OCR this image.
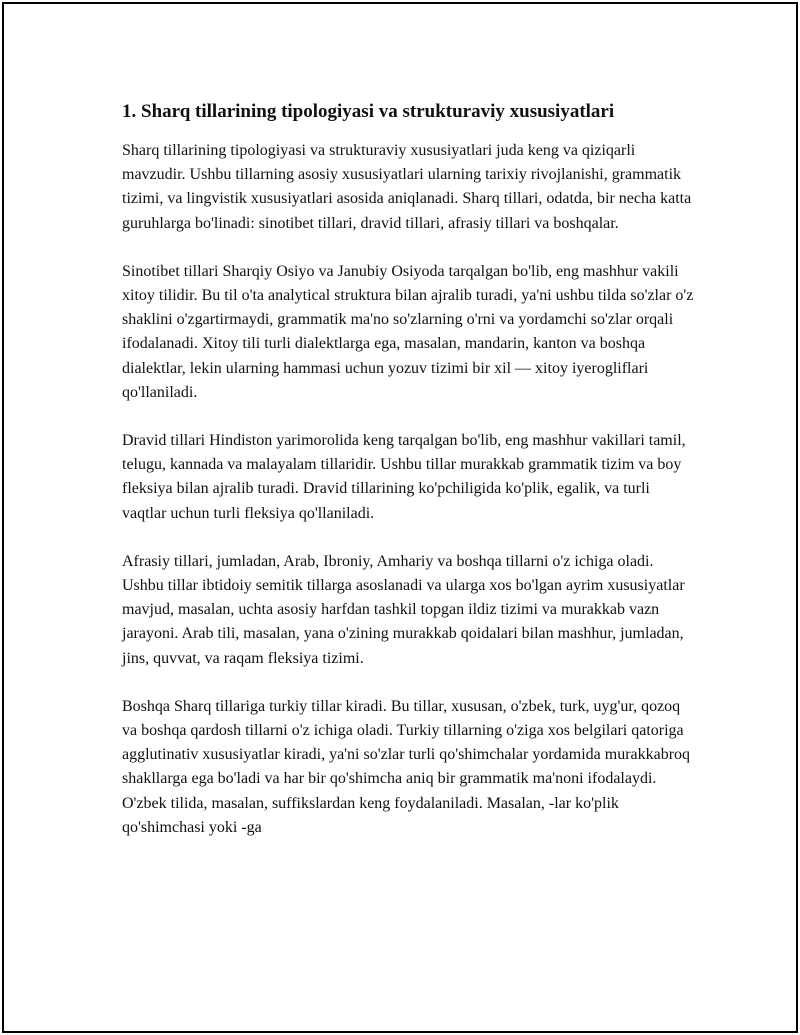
1. Sharq tillarining tipologiyasi va strukturaviy xususiyatlari

Sharq tillarining tipologiyasi va strukturaviy xususiyatlari juda keng va qiziqarli mavzudir. Ushbu tillarning asosiy xususiyatlari ularning tarixiy rivojlanishi, grammatik tizimi, va lingvistik xususiyatlari asosida aniqlanadi. Sharq tillari, odatda, bir necha katta guruhlarga bo'linadi: sinotibet tillari, dravid tillari, afrasiy tillari va boshqalar.

Sinotibet tillari Sharqiy Osiyo va Janubiy Osiyoda tarqalgan bo'lib, eng mashhur vakili xitoy tilidir. Bu til o'ta analytical struktura bilan ajralib turadi, ya'ni ushbu tilda so'zlar o'z shaklini o'zgartirmaydi, grammatik ma'no so'zlarning o'rni va yordamchi so'zlar orqali ifodalanadi. Xitoy tili turli dialektlarga ega, masalan, mandarin, kanton va boshqa dialektlar, lekin ularning hammasi uchun yozuv tizimi bir xil — xitoy iyerogliflari qo'llaniladi.

Dravid tillari Hindiston yarimorolida keng tarqalgan bo'lib, eng mashhur vakillari tamil, telugu, kannada va malayalam tillaridir. Ushbu tillar murakkab grammatik tizim va boy fleksiya bilan ajralib turadi. Dravid tillarining ko'pchiligida ko'plik, egalik, va turli vaqtlar uchun turli fleksiya qo'llaniladi.

Afrasiy tillari, jumladan, Arab, Ibroniy, Amhariy va boshqa tillarni o'z ichiga oladi. Ushbu tillar ibtidoiy semitik tillarga asoslanadi va ularga xos bo'lgan ayrim xususiyatlar mavjud, masalan, uchta asosiy harfdan tashkil topgan ildiz tizimi va murakkab vazn jarayoni. Arab tili, masalan, yana o'zining murakkab qoidalari bilan mashhur, jumladan, jins, quvvat, va raqam fleksiya tizimi.

Boshqa Sharq tillariga turkiy tillar kiradi. Bu tillar, xususan, o'zbek, turk, uyg'ur, qozoq va boshqa qardosh tillarni o'z ichiga oladi. Turkiy tillarning o'ziga xos belgilari qatoriga agglutinativ xususiyatlar kiradi, ya'ni so'zlar turli qo'shimchalar yordamida murakkabroq shakllarga ega bo'ladi va har bir qo'shimcha aniq bir grammatik ma'noni ifodalaydi. O'zbek tilida, masalan, suffikslardan keng foydalaniladi. Masalan, -lar ko'plik qo'shimchasi yoki -ga
